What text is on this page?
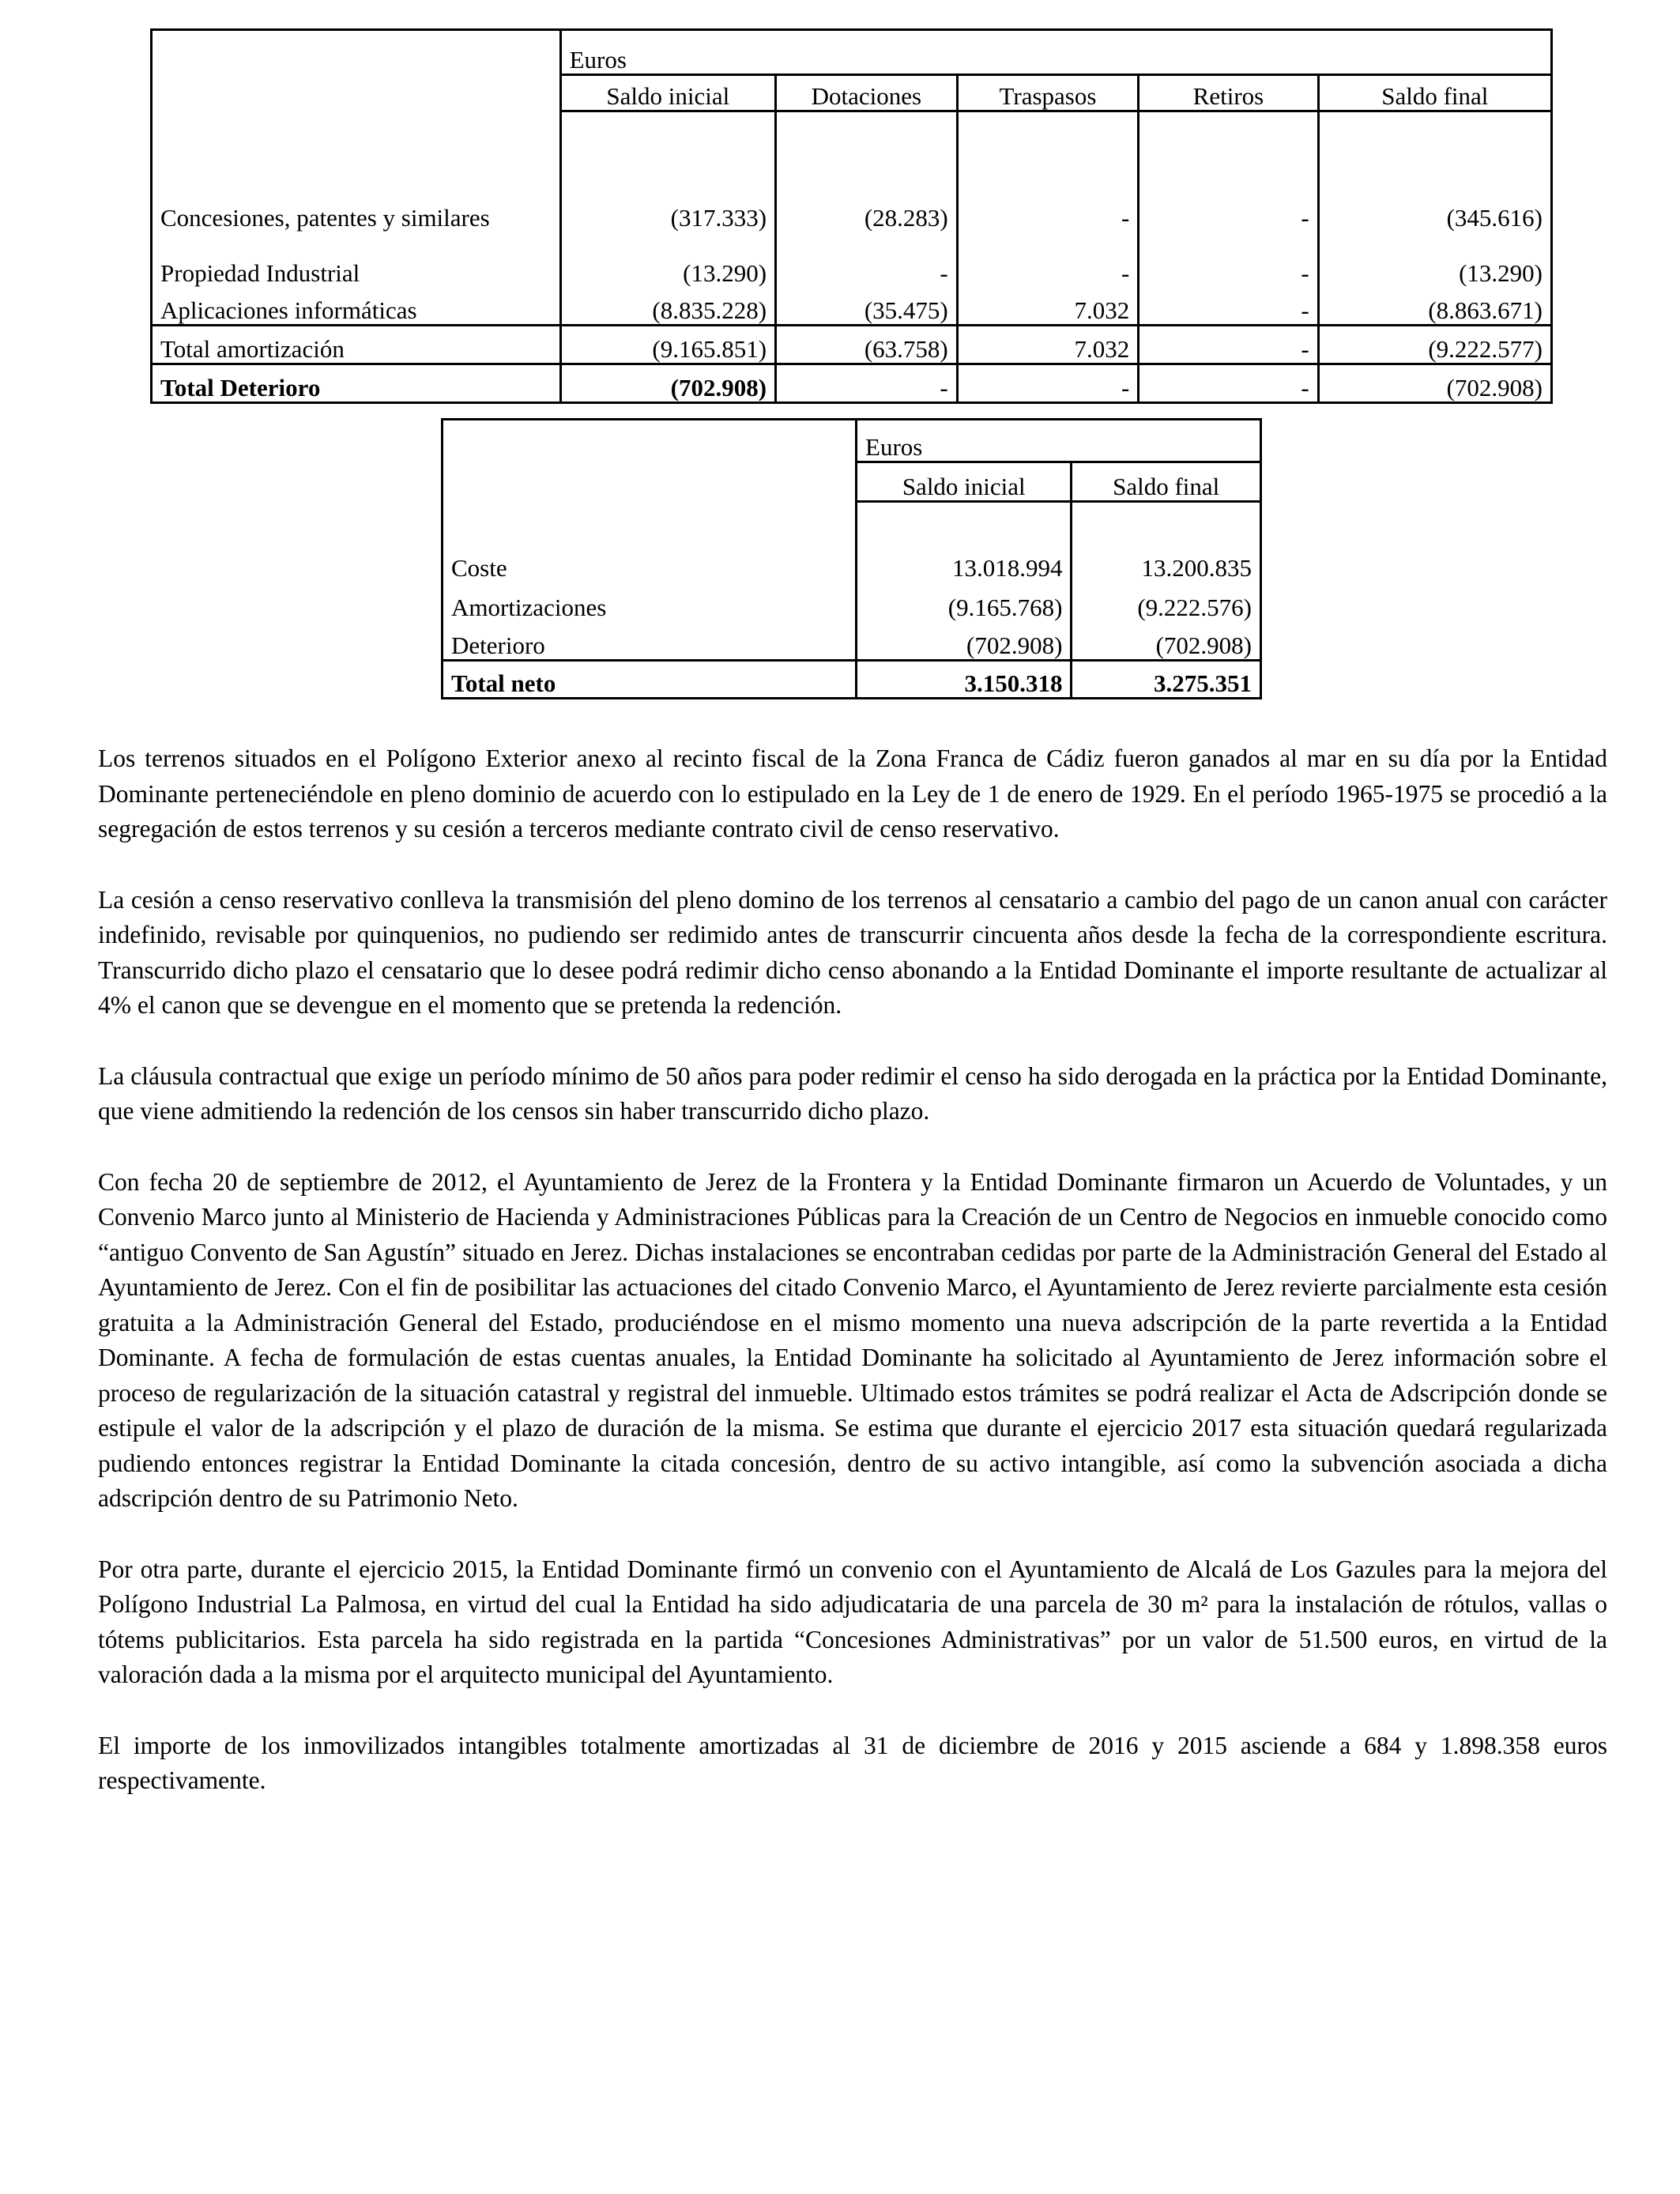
	Euros				
	Saldo inicial	Dotaciones	Traspasos	Retiros	Saldo final
Concesiones, patentes y similares	(317.333)	(28.283)	-	-	(345.616)
Propiedad Industrial	(13.290)	-	-	-	(13.290)
Aplicaciones informáticas	(8.835.228)	(35.475)	7.032	-	(8.863.671)
Total amortización	(9.165.851)	(63.758)	7.032	-	(9.222.577)
Total Deterioro	(702.908)	-	-	-	(702.908)
	Euros	
	Saldo inicial	Saldo final
Coste	13.018.994	13.200.835
Amortizaciones	(9.165.768)	(9.222.576)
Deterioro	(702.908)	(702.908)
Total neto	3.150.318	3.275.351

Los terrenos situados en el Polígono Exterior anexo al recinto fiscal de la Zona Franca de Cádiz fueron ganados al mar en su día por la Entidad Dominante perteneciéndole en pleno dominio de acuerdo con lo estipulado en la Ley de 1 de enero de 1929. En el período 1965-1975 se procedió a la segregación de estos terrenos y su cesión a terceros mediante contrato civil de censo reservativo.

La cesión a censo reservativo conlleva la transmisión del pleno domino de los terrenos al censatario a cambio del pago de un canon anual con carácter indefinido, revisable por quinquenios, no pudiendo ser redimido antes de transcurrir cincuenta años desde la fecha de la correspondiente escritura. Transcurrido dicho plazo el censatario que lo desee podrá redimir dicho censo abonando a la Entidad Dominante el importe resultante de actualizar al 4% el canon que se devengue en el momento que se pretenda la redención.

La cláusula contractual que exige un período mínimo de 50 años para poder redimir el censo ha sido derogada en la práctica por la Entidad Dominante, que viene admitiendo la redención de los censos sin haber transcurrido dicho plazo.

Con fecha 20 de septiembre de 2012, el Ayuntamiento de Jerez de la Frontera y la Entidad Dominante firmaron un Acuerdo de Voluntades, y un Convenio Marco junto al Ministerio de Hacienda y Administraciones Públicas para la Creación de un Centro de Negocios en inmueble conocido como “antiguo Convento de San Agustín” situado en Jerez. Dichas instalaciones se encontraban cedidas por parte de la Administración General del Estado al Ayuntamiento de Jerez. Con el fin de posibilitar las actuaciones del citado Convenio Marco, el Ayuntamiento de Jerez revierte parcialmente esta cesión gratuita a la Administración General del Estado, produciéndose en el mismo momento una nueva adscripción de la parte revertida a la Entidad Dominante. A fecha de formulación de estas cuentas anuales, la Entidad Dominante ha solicitado al Ayuntamiento de Jerez información sobre el proceso de regularización de la situación catastral y registral del inmueble. Ultimado estos trámites se podrá realizar el Acta de Adscripción donde se estipule el valor de la adscripción y el plazo de duración de la misma. Se estima que durante el ejercicio 2017 esta situación quedará regularizada pudiendo entonces registrar la Entidad Dominante la citada concesión, dentro de su activo intangible, así como la subvención asociada a dicha adscripción dentro de su Patrimonio Neto.

Por otra parte, durante el ejercicio 2015, la Entidad Dominante firmó un convenio con el Ayuntamiento de Alcalá de Los Gazules para la mejora del Polígono Industrial La Palmosa, en virtud del cual la Entidad ha sido adjudicataria de una parcela de 30 m² para la instalación de rótulos, vallas o tótems publicitarios. Esta parcela ha sido registrada en la partida “Concesiones Administrativas” por un valor de 51.500 euros, en virtud de la valoración dada a la misma por el arquitecto municipal del Ayuntamiento.

El importe de los inmovilizados intangibles totalmente amortizadas al 31 de diciembre de 2016 y 2015 asciende a 684 y 1.898.358 euros respectivamente.
